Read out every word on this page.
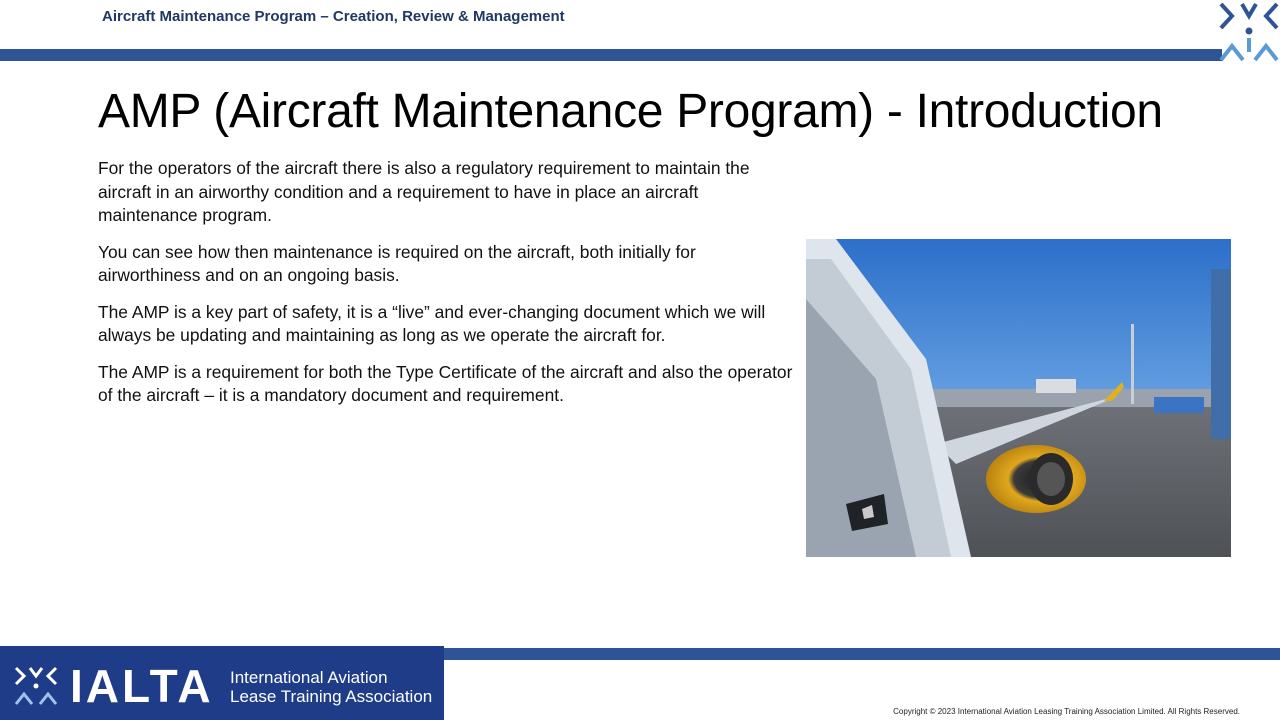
Aircraft Maintenance Program – Creation, Review & Management
AMP (Aircraft Maintenance Program) - Introduction

For the operators of the aircraft there is also a regulatory requirement to maintain the aircraft in an airworthy condition and a requirement to have in place an aircraft maintenance program.

You can see how then maintenance is required on the aircraft, both initially for airworthiness and on an ongoing basis.

The AMP is a key part of safety, it is a “live” and ever-changing document which we will always be updating and maintaining as long as we operate the aircraft for.

The AMP is a requirement for both the Type Certificate of the aircraft and also the operator of the aircraft – it is a mandatory document and requirement.

IALTA International Aviation
Lease Training Association
Copyright © 2023 International Aviation Leasing Training Association Limited. All Rights Reserved.
